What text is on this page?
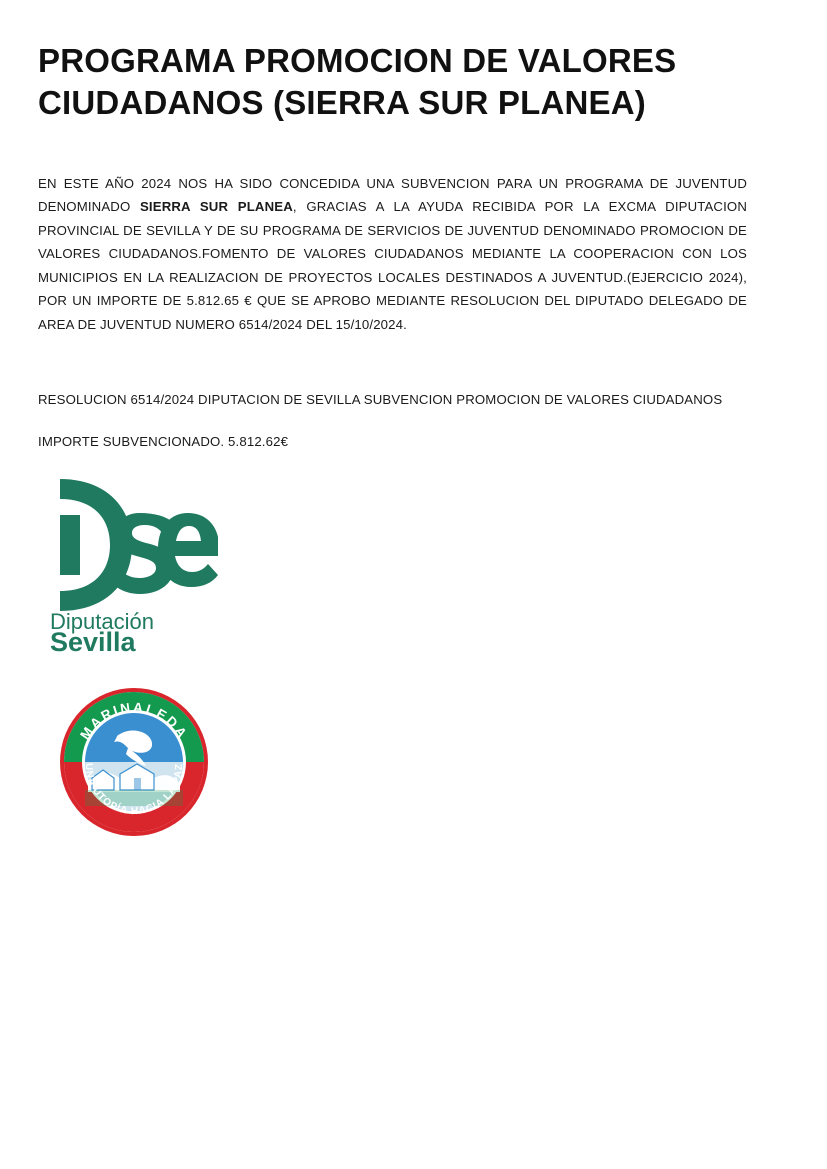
PROGRAMA PROMOCION DE VALORES CIUDADANOS (SIERRA SUR PLANEA)

EN ESTE AÑO 2024 NOS HA SIDO CONCEDIDA UNA SUBVENCION PARA UN PROGRAMA DE JUVENTUD DENOMINADO SIERRA SUR PLANEA, GRACIAS A LA AYUDA RECIBIDA POR LA EXCMA DIPUTACION PROVINCIAL DE SEVILLA Y DE SU PROGRAMA DE SERVICIOS DE JUVENTUD DENOMINADO PROMOCION DE VALORES CIUDADANOS.FOMENTO DE VALORES CIUDADANOS MEDIANTE LA COOPERACION CON LOS MUNICIPIOS EN LA REALIZACION DE PROYECTOS LOCALES DESTINADOS A JUVENTUD.(EJERCICIO 2024), POR UN IMPORTE DE 5.812.65 € QUE SE APROBO MEDIANTE RESOLUCION DEL DIPUTADO DELEGADO DE AREA DE JUVENTUD NUMERO 6514/2024 DEL 15/10/2024.

RESOLUCION 6514/2024 DIPUTACION DE SEVILLA SUBVENCION PROMOCION DE VALORES CIUDADANOS

IMPORTE SUBVENCIONADO. 5.812.62€

Diputación
Sevilla
MARINALEDA
UNA UTOPÍA HACIA LA PAZ
